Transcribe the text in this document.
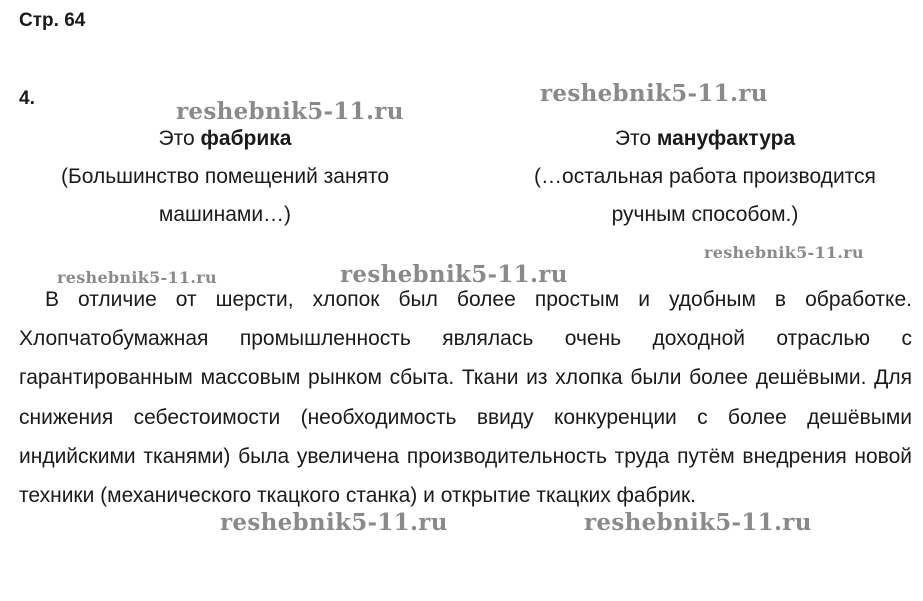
Стр. 64
4.
Это фабрика
(Большинство помещений занято
машинами…)
Это мануфактура
(…остальная работа производится
ручным способом.)
В отличие от шерсти, хлопок был более простым и удобным в обработке. Хлопчатобумажная промышленность являлась очень доходной отраслью с гарантированным массовым рынком сбыта. Ткани из хлопка были более дешёвыми. Для снижения себестоимости (необходимость ввиду конкуренции с более дешёвыми индийскими тканями) была увеличена производительность труда путём внедрения новой техники (механического ткацкого станка) и открытие ткацких фабрик.
reshebnik5-11.ru
reshebnik5-11.ru
reshebnik5-11.ru
reshebnik5-11.ru	reshebnik5-11.ru
reshebnik5-11.ru	reshebnik5-11.ru
